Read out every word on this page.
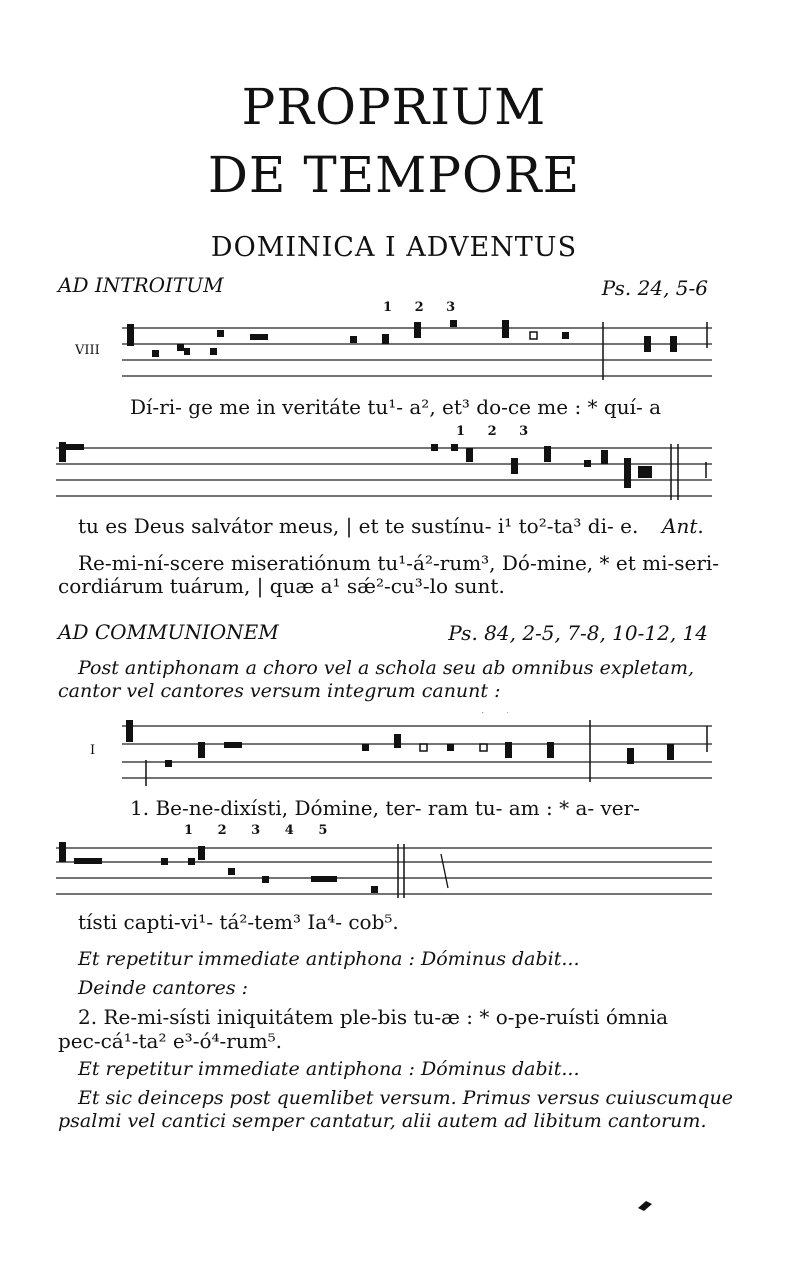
PROPRIUM
DE TEMPORE
DOMINICA I ADVENTUS
AD INTROITUM	Ps. 24, 5-6
VIII
1 2 3
Dí-ri- ge me in veritáte tu¹- a², et³ do-ce me : * quí- a
1 2 3
tu es Deus salvátor meus, | et te sustínu- i¹ to²-ta³ di- e. Ant.
Re-mi-ní-scere miseratiónum tu¹-á²-rum³, Dó-mine, * et mi-seri-
cordiárum tuárum, | quæ a¹ sǽ²-cu³-lo sunt.
AD COMMUNIONEM	Ps. 84, 2-5, 7-8, 10-12, 14
Post antiphonam a choro vel a schola seu ab omnibus expletam,
cantor vel cantores versum integrum canunt :
I
1. Be-ne-dixísti, Dómine, ter- ram tu- am : * a- ver-
1 2 3 4 5
tísti capti-vi¹- tá²-tem³ Ia⁴- cob⁵.
Et repetitur immediate antiphona : Dóminus dabit...
Deinde cantores :
2. Re-mi-sísti iniquitátem ple-bis tu-æ : * o-pe-ruísti ómnia
pec-cá¹-ta² e³-ó⁴-rum⁵.
Et repetitur immediate antiphona : Dóminus dabit...
Et sic deinceps post quemlibet versum. Primus versus cuiuscumque
psalmi vel cantici semper cantatur, alii autem ad libitum cantorum.
